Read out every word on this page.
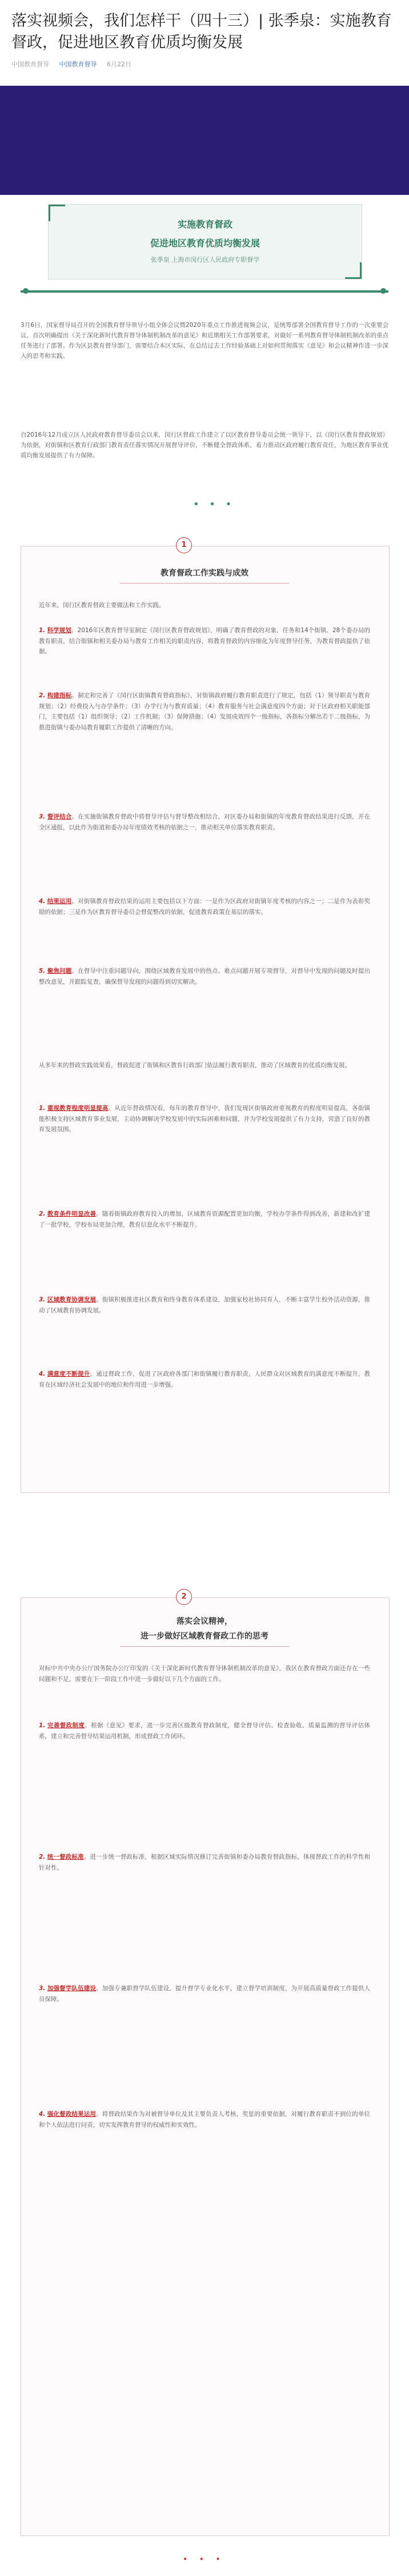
落实视频会，我们怎样干（四十三）| 张季泉：实施教育督政，促进地区教育优质均衡发展
中国教育督导 中国教育督导 6月22日
实施教育督政
促进地区教育优质均衡发展
张季泉 上海市闵行区人民政府专职督学
3月6日，国家督导局召开的全国教育督导领导小组全体会议暨2020年重点工作推进视频会议，是统筹部署全国教育督导工作的一次重要会议，首次明确提出《关于深化新时代教育督导体制机制改革的意见》和近期相关工作部署要求，对做好一系列教育督导体制机制改革的重点任务进行了部署。作为区县教育督导部门，需要结合本区实际，在总结过去工作经验基础上对如何贯彻落实《意见》和会议精神作进一步深入的思考和实践。
自2016年12月成立区人民政府教育督导委员会以来，闵行区督政工作建立了以区教育督导委员会统一领导下，以《闵行区教育督政规划》为依据，对街镇和区教育行政部门教育责任落实情况开展督导评价，不断健全督政体系，着力推动区政府履行教育责任，为地区教育事业优质均衡发展提供了有力保障。
• • •
1
教育督政工作实践与成效
近年来，闵行区教育督政主要做法和工作实践。
1. 科学规划。2016年区教育督导室制定《闵行区教育督政规划》，明确了教育督政的对象、任务和14个街镇、28个委办局的教育职责，结合街镇和相关委办局与教育工作相关的职责内容，将教育督政的内容细化为年度督导任务，为教育督政提供了依据。
2. 构建指标。制定和完善了《闵行区街镇教育督政指标》，对街镇政府履行教育职责进行了规定，包括（1）领导职责与教育规划；（2）经费投入与办学条件；（3）办学行为与教育质量；（4）教育服务与社会满意度四个方面；对于区政府相关职能部门，主要包括（1）组织领导；（2）工作机制；（3）保障措施；（4）发展成效四个一级指标，各指标分解出若干二级指标，为推进街镇与委办局教育履职工作提供了清晰的方向。
3. 督评结合。在实施街镇教育督政中将督导评估与督导整改相结合，对区委办局和街镇的年度教育督政结果进行反馈，并在全区通报，以此作为街道和委办局年度绩效考核的依据之一，推动相关单位落实教育职责。
4. 结果运用。对街镇教育督政结果的运用主要包括以下方面：一是作为区政府对街镇年度考核的内容之一；二是作为表彰奖励的依据；三是作为区教育督导委员会督促整改的依据，促进教育政策在基层的落实。
5. 聚焦问题。在督导中注重问题导向，围绕区域教育发展中的热点、难点问题开展专项督导，对督导中发现的问题及时提出整改意见，并跟踪复查，确保督导发现的问题得到切实解决。
从多年来的督政实践效果看，督政促进了街镇和区教育行政部门依法履行教育职责，推动了区域教育的优质均衡发展。
1. 重视教育程度明显提高。从近年督政情况看，每年的教育督导中，我们发现区街镇政府重视教育的程度明显提高，各街镇能积极支持区域教育事业发展，主动协调解决学校发展中的实际困难和问题，并为学校发展提供了有力支持，营造了良好的教育发展氛围。
2. 教育条件明显改善。随着街镇政府教育投入的增加，区域教育资源配置更加均衡，学校办学条件得到改善，新建和改扩建了一批学校，学校布局更加合理，教育信息化水平不断提升。
3. 区域教育协调发展。街镇积极推进社区教育和终身教育体系建设，加强家校社协同育人，不断丰富学生校外活动资源，推动了区域教育协调发展。
4. 满意度不断提升。通过督政工作，促进了区政府各部门和街镇履行教育职责，人民群众对区域教育的满意度不断提升，教育在区域经济社会发展中的地位和作用进一步增强。
2
落实会议精神，
进一步做好区域教育督政工作的思考
对标中共中央办公厅国务院办公厅印发的《关于深化新时代教育督导体制机制改革的意见》，我区在教育督政方面还存在一些问题和不足，需要在下一阶段工作中进一步做好以下几个方面的工作。
1. 完善督政制度。根据《意见》要求，进一步完善区级教育督政制度，健全督导评估、检查验收、质量监测的督导评估体系，建立和完善督导结果运用机制，形成督政工作闭环。
2. 统一督政标准。进一步统一督政标准，根据区域实际情况修订完善街镇和委办局教育督政指标，体现督政工作的科学性和针对性。
3. 加强督学队伍建设。加强专兼职督学队伍建设，提升督学专业化水平，建立督学培训制度，为开展高质量督政工作提供人员保障。
4. 强化督政结果运用。将督政结果作为对被督导单位及其主要负责人考核、奖惩的重要依据，对履行教育职责不到位的单位和个人依法进行问责，切实发挥教育督导的权威性和实效性。
• • •
